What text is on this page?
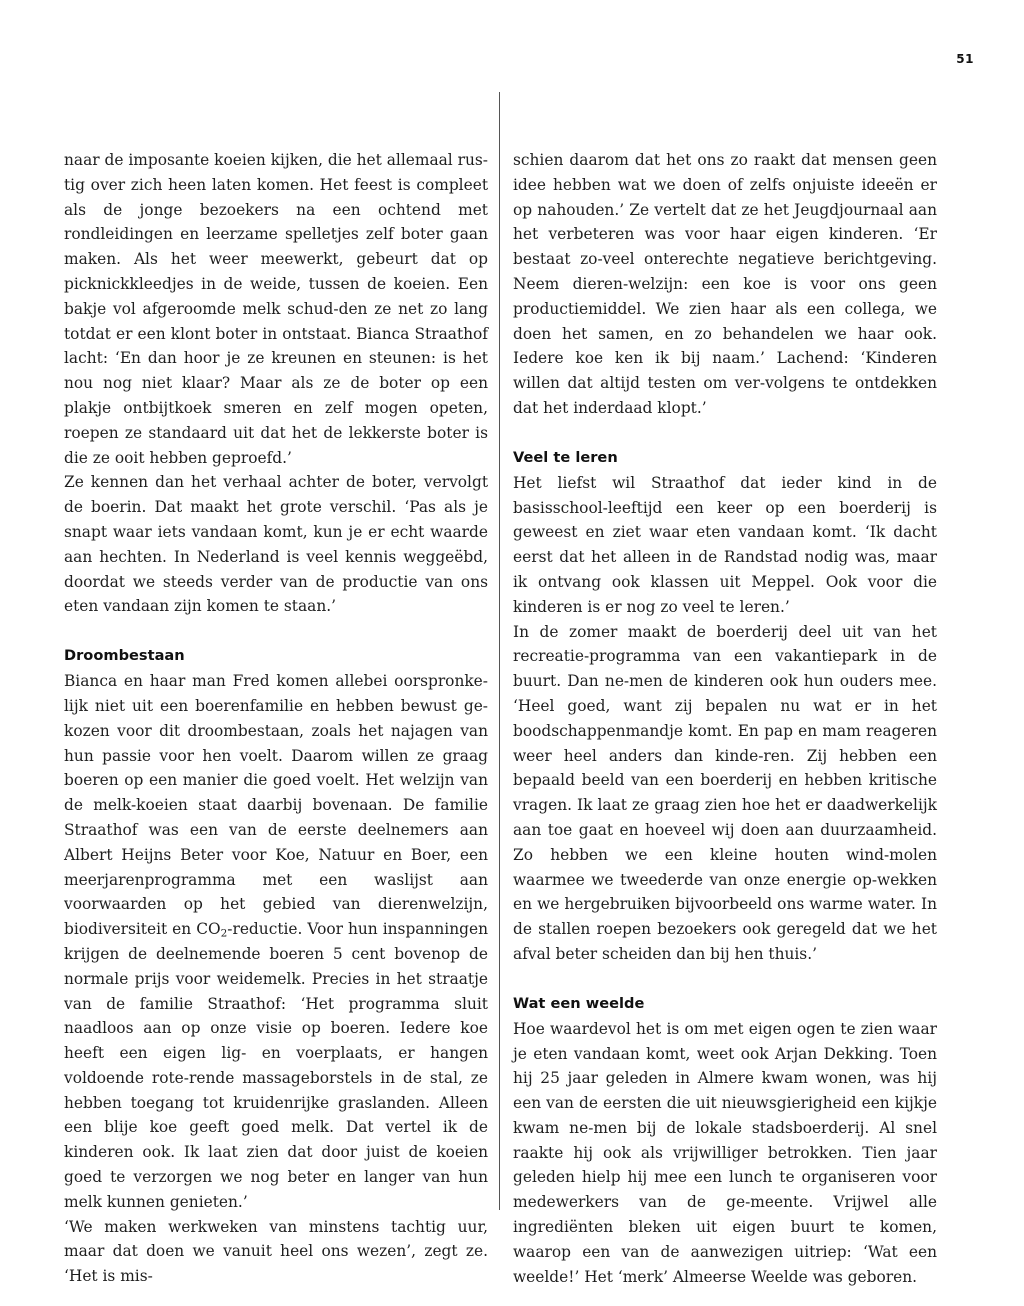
51

naar de imposante koeien kijken, die het allemaal rus-tig over zich heen laten komen. Het feest is compleet als de jonge bezoekers na een ochtend met rondleidingen en leerzame spelletjes zelf boter gaan maken. Als het weer meewerkt, gebeurt dat op picknickkleedjes in de weide, tussen de koeien. Een bakje vol afgeroomde melk schud-den ze net zo lang totdat er een klont boter in ontstaat. Bianca Straathof lacht: ‘En dan hoor je ze kreunen en steunen: is het nou nog niet klaar? Maar als ze de boter op een plakje ontbijtkoek smeren en zelf mogen opeten, roepen ze standaard uit dat het de lekkerste boter is die ze ooit hebben geproefd.’

Ze kennen dan het verhaal achter de boter, vervolgt de boerin. Dat maakt het grote verschil. ‘Pas als je snapt waar iets vandaan komt, kun je er echt waarde aan hechten. In Nederland is veel kennis weggeëbd, doordat we steeds verder van de productie van ons eten vandaan zijn komen te staan.’

Droombestaan

Bianca en haar man Fred komen allebei oorspronke-lijk niet uit een boerenfamilie en hebben bewust ge-kozen voor dit droombestaan, zoals het najagen van hun passie voor hen voelt. Daarom willen ze graag boeren op een manier die goed voelt. Het welzijn van de melk-koeien staat daarbij bovenaan. De familie Straathof was een van de eerste deelnemers aan Albert Heijns Beter voor Koe, Natuur en Boer, een meerjarenprogramma met een waslijst aan voorwaarden op het gebied van dierenwelzijn, biodiversiteit en $CO_2$-reductie. Voor hun inspanningen krijgen de deelnemende boeren 5 cent bovenop de normale prijs voor weidemelk. Precies in het straatje van de familie Straathof: ‘Het programma sluit naadloos aan op onze visie op boeren. Iedere koe heeft een eigen lig- en voerplaats, er hangen voldoende rote-rende massageborstels in de stal, ze hebben toegang tot kruidenrijke graslanden. Alleen een blije koe geeft goed melk. Dat vertel ik de kinderen ook. Ik laat zien dat door juist de koeien goed te verzorgen we nog beter en langer van hun melk kunnen genieten.’

‘We maken werkweken van minstens tachtig uur, maar dat doen we vanuit heel ons wezen’, zegt ze. ‘Het is mis-

schien daarom dat het ons zo raakt dat mensen geen idee hebben wat we doen of zelfs onjuiste ideeën er op nahouden.’ Ze vertelt dat ze het Jeugdjournaal aan het verbeteren was voor haar eigen kinderen. ‘Er bestaat zo-veel onterechte negatieve berichtgeving. Neem dieren-welzijn: een koe is voor ons geen productiemiddel. We zien haar als een collega, we doen het samen, en zo behandelen we haar ook. Iedere koe ken ik bij naam.’ Lachend: ‘Kinderen willen dat altijd testen om ver-volgens te ontdekken dat het inderdaad klopt.’

Veel te leren

Het liefst wil Straathof dat ieder kind in de basisschool-leeftijd een keer op een boerderij is geweest en ziet waar eten vandaan komt. ‘Ik dacht eerst dat het alleen in de Randstad nodig was, maar ik ontvang ook klassen uit Meppel. Ook voor die kinderen is er nog zo veel te leren.’

In de zomer maakt de boerderij deel uit van het recreatie-programma van een vakantiepark in de buurt. Dan ne-men de kinderen ook hun ouders mee. ‘Heel goed, want zij bepalen nu wat er in het boodschappenmandje komt. En pap en mam reageren weer heel anders dan kinde-ren. Zij hebben een bepaald beeld van een boerderij en hebben kritische vragen. Ik laat ze graag zien hoe het er daadwerkelijk aan toe gaat en hoeveel wij doen aan duurzaamheid. Zo hebben we een kleine houten wind-molen waarmee we tweederde van onze energie op-wekken en we hergebruiken bijvoorbeeld ons warme water. In de stallen roepen bezoekers ook geregeld dat we het afval beter scheiden dan bij hen thuis.’

Wat een weelde

Hoe waardevol het is om met eigen ogen te zien waar je eten vandaan komt, weet ook Arjan Dekking. Toen hij 25 jaar geleden in Almere kwam wonen, was hij een van de eersten die uit nieuwsgierigheid een kijkje kwam ne-men bij de lokale stadsboerderij. Al snel raakte hij ook als vrijwilliger betrokken. Tien jaar geleden hielp hij mee een lunch te organiseren voor medewerkers van de ge-meente. Vrijwel alle ingrediënten bleken uit eigen buurt te komen, waarop een van de aanwezigen uitriep: ‘Wat een weelde!’ Het ‘merk’ Almeerse Weelde was geboren.
